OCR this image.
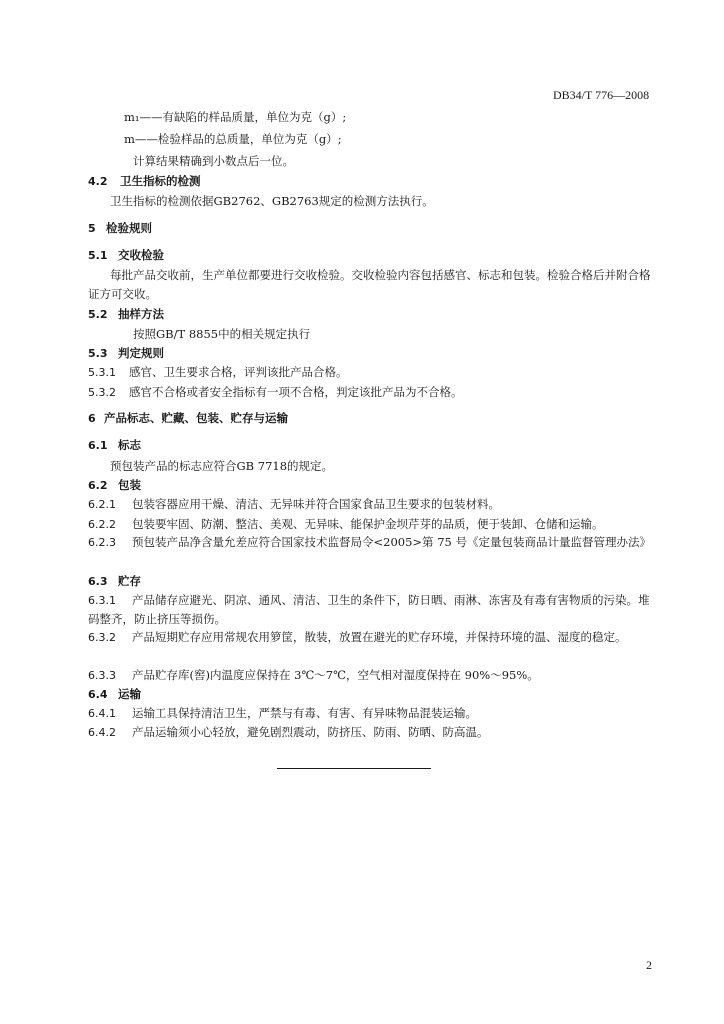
DB34/T 776—2008
m₁——有缺陷的样品质量，单位为克（g）;
m——检验样品的总质量，单位为克（g）;
计算结果精确到小数点后一位。
4.2 卫生指标的检测
卫生指标的检测依据GB2762、GB2763规定的检测方法执行。
5 检验规则
5.1 交收检验
每批产品交收前，生产单位都要进行交收检验。交收检验内容包括感官、标志和包装。检验合格后并附合格证方可交收。
5.2 抽样方法
按照GB/T 8855中的相关规定执行
5.3 判定规则
5.3.1 感官、卫生要求合格，评判该批产品合格。
5.3.2 感官不合格或者安全指标有一项不合格，判定该批产品为不合格。
6 产品标志、贮藏、包装、贮存与运输
6.1 标志
预包装产品的标志应符合GB 7718的规定。
6.2 包装
6.2.1 包装容器应用干燥、清洁、无异味并符合国家食品卫生要求的包装材料。
6.2.2 包装要牢固、防潮、整洁、美观、无异味、能保护金坝芹芽的品质，便于装卸、仓储和运输。
6.2.3 预包装产品净含量允差应符合国家技术监督局令<2005>第 75 号《定量包装商品计量监督管理办法》
6.3 贮存
6.3.1 产品储存应避光、阴凉、通风、清洁、卫生的条件下，防日晒、雨淋、冻害及有毒有害物质的污染。堆码整齐，防止挤压等损伤。
6.3.2 产品短期贮存应用常规农用箩筐，散装，放置在避光的贮存环境，并保持环境的温、湿度的稳定。
6.3.3 产品贮存库(窖)内温度应保持在 3℃～7℃，空气相对湿度保持在 90%～95%。
6.4 运输
6.4.1 运输工具保持清洁卫生，严禁与有毒、有害、有异味物品混装运输。
6.4.2 产品运输须小心轻放，避免剧烈震动，防挤压、防雨、防晒、防高温。
2
